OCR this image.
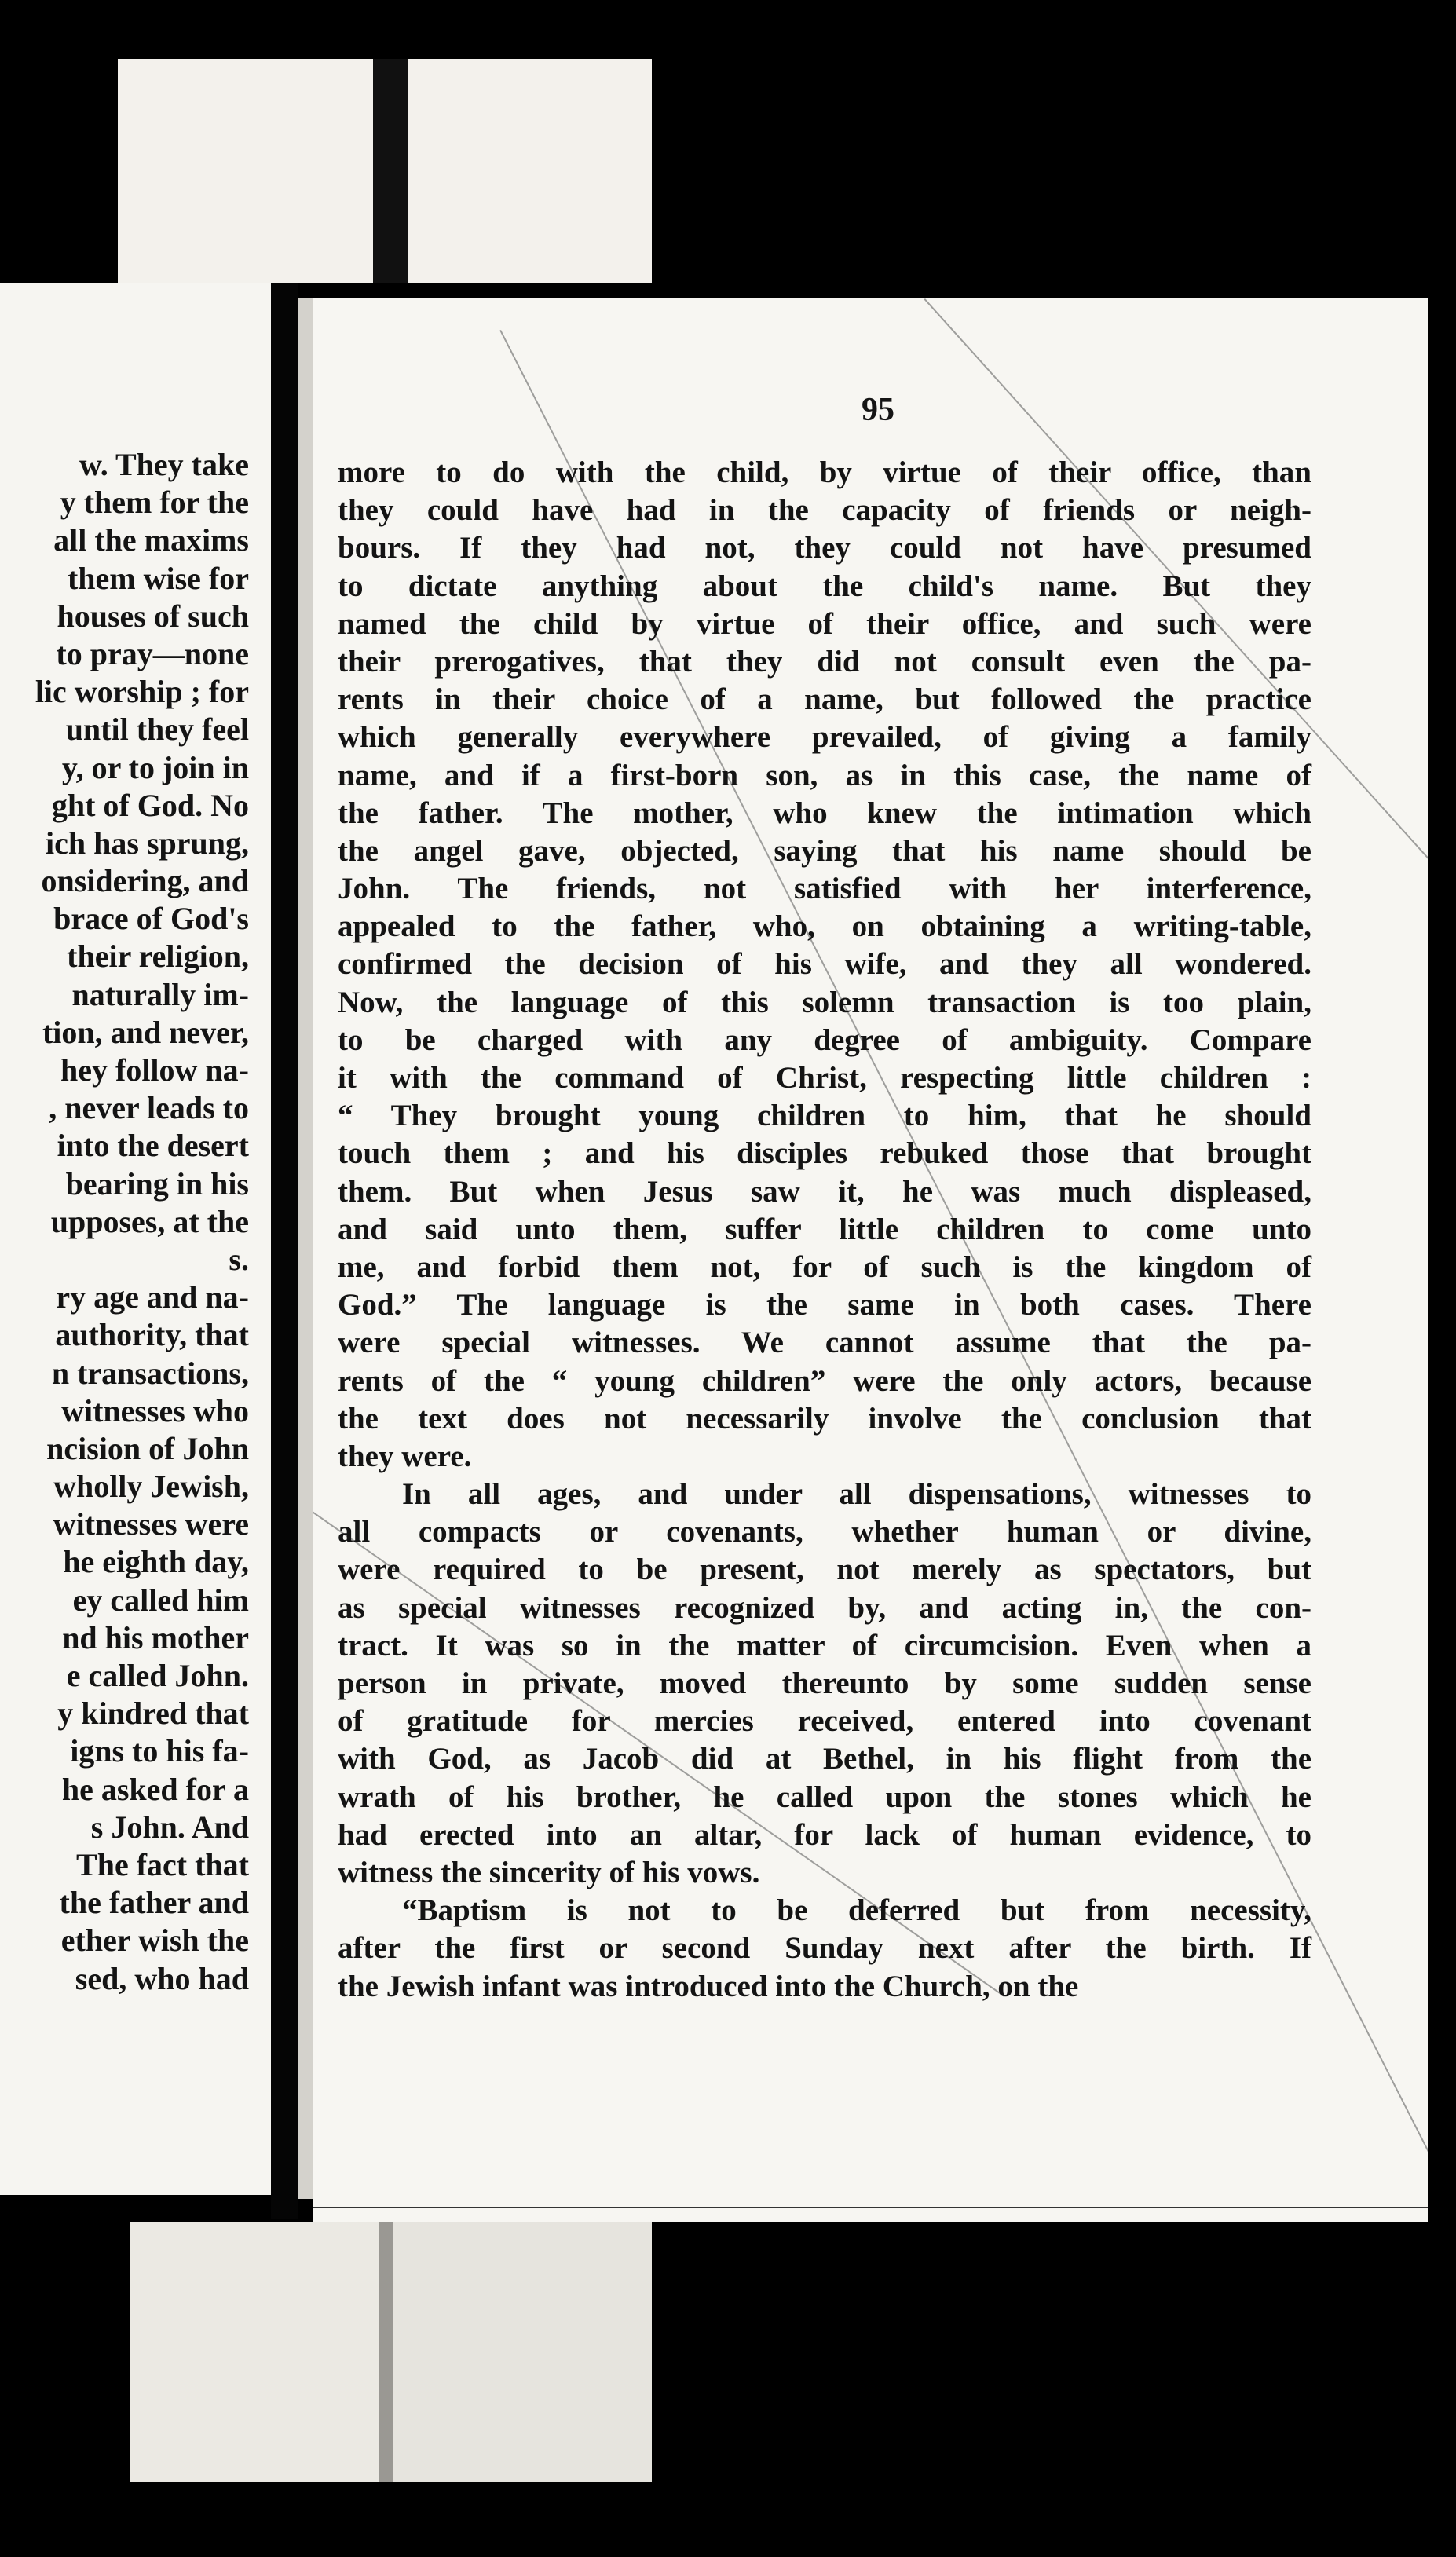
w. They take
y them for the
all the maxims
them wise for
houses of such
to pray—none
lic worship ; for
until they feel
y, or to join in
ght of God. No
ich has sprung,
onsidering, and
brace of God's
their religion,
naturally im-
tion, and never,
hey follow na-
, never leads to
into the desert
bearing in his
upposes, at the
s.
ry age and na-
authority, that
n transactions,
witnesses who
ncision of John
wholly Jewish,
witnesses were
he eighth day,
ey called him
nd his mother
e called John.
y kindred that
igns to his fa-
he asked for a
s John. And
The fact that
the father and
ether wish the
sed, who had
95
more to do with the child, by virtue of their office, than
they could have had in the capacity of friends or neigh-
bours. If they had not, they could not have presumed
to dictate anything about the child's name. But they
named the child by virtue of their office, and such were
their prerogatives, that they did not consult even the pa-
rents in their choice of a name, but followed the practice
which generally everywhere prevailed, of giving a family
name, and if a first-born son, as in this case, the name of
the father. The mother, who knew the intimation which
the angel gave, objected, saying that his name should be
John. The friends, not satisfied with her interference,
appealed to the father, who, on obtaining a writing-table,
confirmed the decision of his wife, and they all wondered.
Now, the language of this solemn transaction is too plain,
to be charged with any degree of ambiguity. Compare
it with the command of Christ, respecting little children :
“ They brought young children to him, that he should
touch them ; and his disciples rebuked those that brought
them. But when Jesus saw it, he was much displeased,
and said unto them, suffer little children to come unto
me, and forbid them not, for of such is the kingdom of
God.” The language is the same in both cases. There
were special witnesses. We cannot assume that the pa-
rents of the “ young children” were the only actors, because
the text does not necessarily involve the conclusion that
they were.
In all ages, and under all dispensations, witnesses to
all compacts or covenants, whether human or divine,
were required to be present, not merely as spectators, but
as special witnesses recognized by, and acting in, the con-
tract. It was so in the matter of circumcision. Even when a
person in private, moved thereunto by some sudden sense
of gratitude for mercies received, entered into covenant
with God, as Jacob did at Bethel, in his flight from the
wrath of his brother, he called upon the stones which he
had erected into an altar, for lack of human evidence, to
witness the sincerity of his vows.
“Baptism is not to be deferred but from necessity,
after the first or second Sunday next after the birth. If
the Jewish infant was introduced into the Church, on the
